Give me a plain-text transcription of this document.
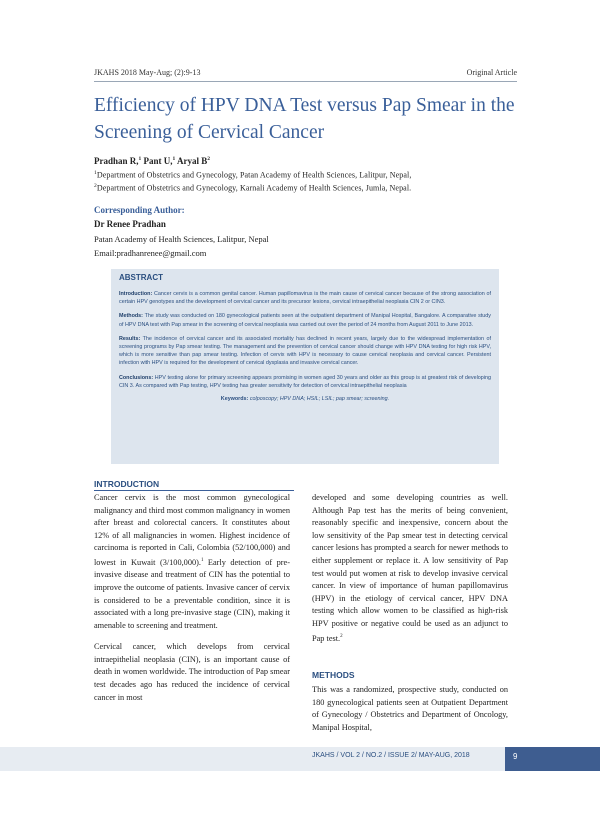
JKAHS 2018 May-Aug; (2):9-13	Original Article
Efficiency of HPV DNA Test versus Pap Smear in the Screening of Cervical Cancer
Pradhan R,$^1$ Pant U,$^1$ Aryal $B^2$
$^1$Department of Obstetrics and Gynecology, Patan Academy of Health Sciences, Lalitpur, Nepal,
$^2$Department of Obstetrics and Gynecology, Karnali Academy of Health Sciences, Jumla, Nepal.
Corresponding Author:
Dr Renee Pradhan
Patan Academy of Health Sciences, Lalitpur, Nepal
Email:pradhanrenee@gmail.com
ABSTRACT

Introduction: Cancer cervix is a common genital cancer. Human papillomavirus is the main cause of cervical cancer because of the strong association of certain HPV genotypes and the development of cervical cancer and its precursor lesions, cervical intraepithelial neoplasia CIN 2 or CIN3.

Methods: The study was conducted on 180 gynecological patients seen at the outpatient department of Manipal Hospital, Bangalore. A comparative study of HPV DNA test with Pap smear in the screening of cervical neoplasia was carried out over the period of 24 months from August 2011 to June 2013.

Results: The incidence of cervical cancer and its associated mortality has declined in recent years, largely due to the widespread implementation of screening programs by Pap smear testing. The management and the prevention of cervical cancer should change with HPV DNA testing for high risk HPV, which is more sensitive than pap smear testing. Infection of cervix with HPV is necessary to cause cervical neoplasia and cervical cancer. Persistent infection with HPV is required for the development of cervical dysplasia and invasive cervical cancer.

Conclusions: HPV testing alone for primary screening appears promising in women aged 30 years and older as this group is at greatest risk of developing CIN 3. As compared with Pap testing, HPV testing has greater sensitivity for detection of cervical intraepithelial neoplasia

Keywords: colposcopy; HPV DNA; HSIL; LSIL; pap smear; screening.
INTRODUCTION

Cancer cervix is the most common gynecological malignancy and third most common malignancy in women after breast and colorectal cancers. It constitutes about 12% of all malignancies in women. Highest incidence of carcinoma is reported in Cali, Colombia (52/100,000) and lowest in Kuwait (3/100,000).$^1$ Early detection of pre-invasive disease and treatment of CIN has the potential to improve the outcome of patients. Invasive cancer of cervix is considered to be a preventable condition, since it is associated with a long pre-invasive stage (CIN), making it amenable to screening and treatment.

Cervical cancer, which develops from cervical intraepithelial neoplasia (CIN), is an important cause of death in women worldwide. The introduction of Pap smear test decades ago has reduced the incidence of cervical cancer in most

developed and some developing countries as well. Although Pap test has the merits of being convenient, reasonably specific and inexpensive, concern about the low sensitivity of the Pap smear test in detecting cervical cancer lesions has prompted a search for newer methods to either supplement or replace it. A low sensitivity of Pap test would put women at risk to develop invasive cervical cancer. In view of importance of human papillomavirus (HPV) in the etiology of cervical cancer, HPV DNA testing which allow women to be classified as high-risk HPV positive or negative could be used as an adjunct to Pap test.$^2$

METHODS

This was a randomized, prospective study, conducted on 180 gynecological patients seen at Outpatient Department of Gynecology / Obstetrics and Department of Oncology, Manipal Hospital,

JKAHS / VOL 2 / NO.2 / ISSUE 2/ MAY-AUG, 2018	9
